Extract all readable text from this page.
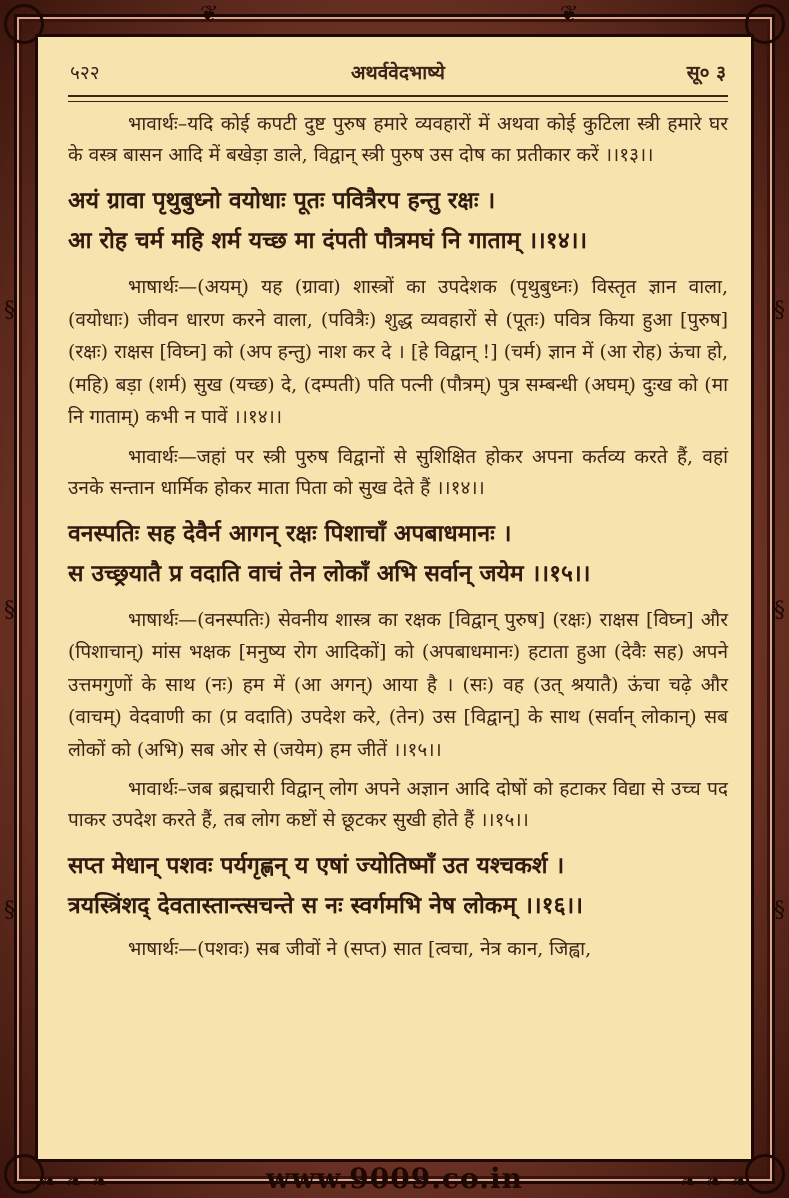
§
§
§
§
§
§
❦	❦
५२२	अथर्ववेदभाष्ये	सू० ३

भावार्थः–यदि कोई कपटी दुष्ट पुरुष हमारे व्यवहारों में अथवा कोई कुटिला स्त्री हमारे घर के वस्त्र बासन आदि में बखेड़ा डाले, विद्वान् स्त्री पुरुष उस दोष का प्रतीकार करें ।।१३।।

अयं ग्रावा पृथुबुध्नो वयोधाः पूतः पवित्रैरप हन्तु रक्षः ।

आ रोह चर्म महि शर्म यच्छ मा दंपती पौत्रमघं नि गाताम् ।।१४।।

भाषार्थः—(अयम्) यह (ग्रावा) शास्त्रों का उपदेशक (पृथुबुध्नः) विस्तृत ज्ञान वाला, (वयोधाः) जीवन धारण करने वाला, (पवित्रैः) शुद्ध व्यवहारों से (पूतः) पवित्र किया हुआ [पुरुष] (रक्षः) राक्षस [विघ्न] को (अप हन्तु) नाश कर दे । [हे विद्वान् !] (चर्म) ज्ञान में (आ रोह) ऊंचा हो, (महि) बड़ा (शर्म) सुख (यच्छ) दे, (दम्पती) पति पत्नी (पौत्रम्) पुत्र सम्बन्धी (अघम्) दुःख को (मा नि गाताम्) कभी न पावें ।।१४।।

भावार्थः—जहां पर स्त्री पुरुष विद्वानों से सुशिक्षित होकर अपना कर्तव्य करते हैं, वहां उनके सन्तान धार्मिक होकर माता पिता को सुख देते हैं ।।१४।।

वनस्पतिः सह देवैर्न आगन् रक्षः पिशाचाँ अपबाधमानः ।

स उच्छ्रयातै प्र वदाति वाचं तेन लोकाँ अभि सर्वान् जयेम ।।१५।।

भाषार्थः—(वनस्पतिः) सेवनीय शास्त्र का रक्षक [विद्वान् पुरुष] (रक्षः) राक्षस [विघ्न] और (पिशाचान्) मांस भक्षक [मनुष्य रोग आदिकों] को (अपबाधमानः) हटाता हुआ (देवैः सह) अपने उत्तमगुणों के साथ (नः) हम में (आ अगन्) आया है । (सः) वह (उत् श्रयातै) ऊंचा चढ़े और (वाचम्) वेदवाणी का (प्र वदाति) उपदेश करे, (तेन) उस [विद्वान्] के साथ (सर्वान् लोकान्) सब लोकों को (अभि) सब ओर से (जयेम) हम जीतें ।।१५।।

भावार्थः–जब ब्रह्मचारी विद्वान् लोग अपने अज्ञान आदि दोषों को हटाकर विद्या से उच्च पद पाकर उपदेश करते हैं, तब लोग कष्टों से छूटकर सुखी होते हैं ।।१५।।

सप्त मेधान् पशवः पर्यगृह्णन् य एषां ज्योतिष्माँ उत यश्चकर्श ।

त्रयस्त्रिंशद् देवतास्तान्त्सचन्ते स नः स्वर्गमभि नेष लोकम् ।।१६।।

भाषार्थः—(पशवः) सब जीवों ने (सप्त) सात [त्वचा, नेत्र कान, जिह्वा,

❧ ❧ ❧	www.9009.co.in	❧ ❧ ❧
